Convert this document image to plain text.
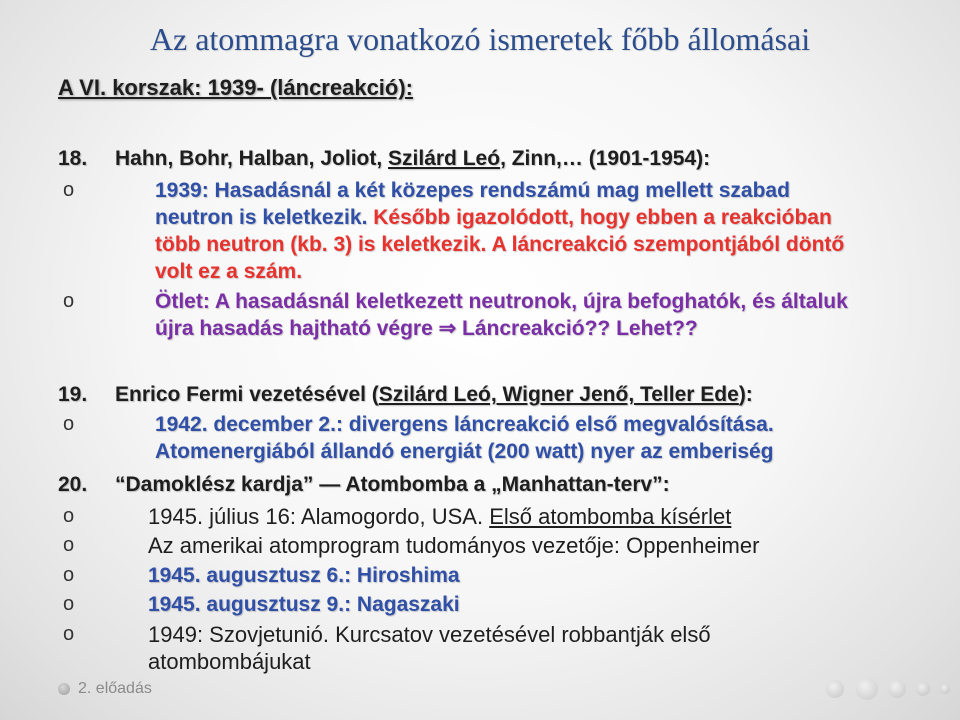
Az atommagra vonatkozó ismeretek főbb állomásai
A VI. korszak: 1939- (láncreakció):
18. Hahn, Bohr, Halban, Joliot, Szilárd Leó, Zinn,… (1901-1954):
o	1939: Hasadásnál a két közepes rendszámú mag mellett szabad neutron is keletkezik. Később igazolódott, hogy ebben a reakcióban több neutron (kb. 3) is keletkezik. A láncreakció szempontjából döntő volt ez a szám.
o	Ötlet: A hasadásnál keletkezett neutronok, újra befoghatók, és általuk újra hasadás hajtható végre ⇒ Láncreakció?? Lehet??
19. Enrico Fermi vezetésével (Szilárd Leó, Wigner Jenő, Teller Ede):
o	1942. december 2.: divergens láncreakció első megvalósítása.
Atomenergiából állandó energiát (200 watt) nyer az emberiség
20. “Damoklész kardja” ― Atombomba a „Manhattan-terv”:
o	1945. július 16: Alamogordo, USA. Első atombomba kísérlet
o	Az amerikai atomprogram tudományos vezetője: Oppenheimer
o	1945. augusztusz 6.: Hiroshima
o	1945. augusztusz 9.: Nagaszaki
o	1949: Szovjetunió. Kurcsatov vezetésével robbantják első atombombájukat
2. előadás
